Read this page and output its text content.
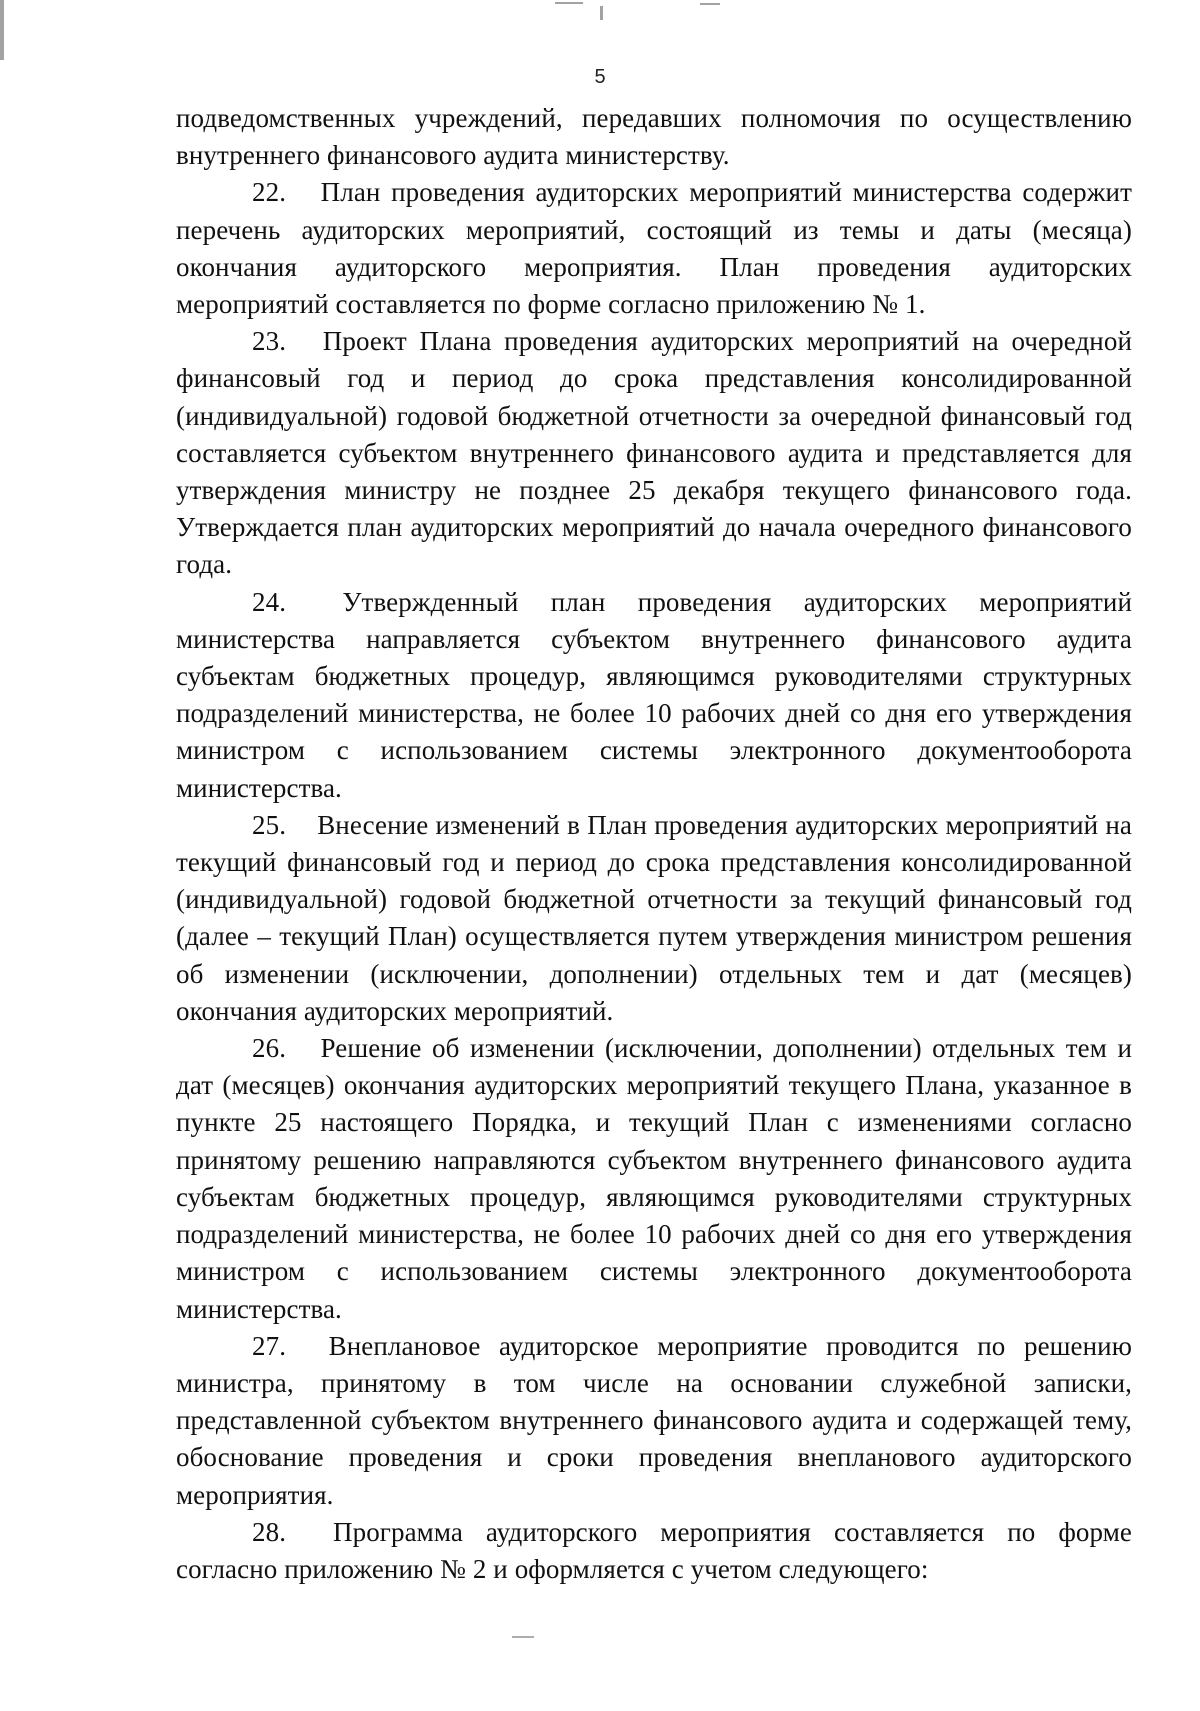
5

подведомственных учреждений, передавших полномочия по осуществлению внутреннего финансового аудита министерству.

22. План проведения аудиторских мероприятий министерства содержит перечень аудиторских мероприятий, состоящий из темы и даты (месяца) окончания аудиторского мероприятия. План проведения аудиторских мероприятий составляется по форме согласно приложению № 1.

23. Проект Плана проведения аудиторских мероприятий на очередной финансовый год и период до срока представления консолидированной (индивидуальной) годовой бюджетной отчетности за очередной финансовый год составляется субъектом внутреннего финансового аудита и представляется для утверждения министру не позднее 25 декабря текущего финансового года. Утверждается план аудиторских мероприятий до начала очередного финансового года.

24. Утвержденный план проведения аудиторских мероприятий министерства направляется субъектом внутреннего финансового аудита субъектам бюджетных процедур, являющимся руководителями структурных подразделений министерства, не более 10 рабочих дней со дня его утверждения министром с использованием системы электронного документооборота министерства.

25. Внесение изменений в План проведения аудиторских мероприятий на текущий финансовый год и период до срока представления консолидированной (индивидуальной) годовой бюджетной отчетности за текущий финансовый год (далее – текущий План) осуществляется путем утверждения министром решения об изменении (исключении, дополнении) отдельных тем и дат (месяцев) окончания аудиторских мероприятий.

26. Решение об изменении (исключении, дополнении) отдельных тем и дат (месяцев) окончания аудиторских мероприятий текущего Плана, указанное в пункте 25 настоящего Порядка, и текущий План с изменениями согласно принятому решению направляются субъектом внутреннего финансового аудита субъектам бюджетных процедур, являющимся руководителями структурных подразделений министерства, не более 10 рабочих дней со дня его утверждения министром с использованием системы электронного документооборота министерства.

27. Внеплановое аудиторское мероприятие проводится по решению министра, принятому в том числе на основании служебной записки, представленной субъектом внутреннего финансового аудита и содержащей тему, обоснование проведения и сроки проведения внепланового аудиторского мероприятия.

28. Программа аудиторского мероприятия составляется по форме согласно приложению № 2 и оформляется с учетом следующего:
